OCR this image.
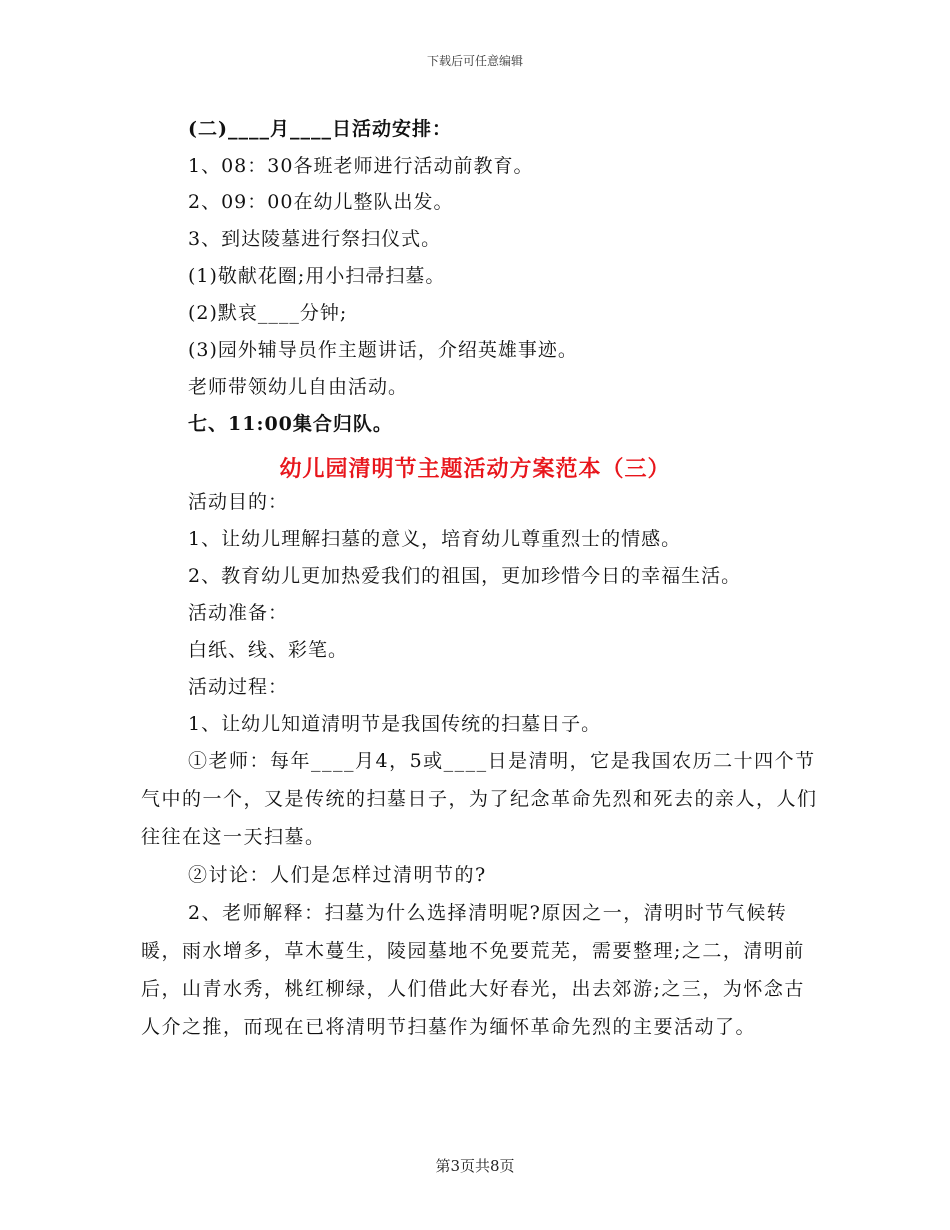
下载后可任意编辑
(二)____月____日活动安排：
1、08：30各班老师进行活动前教育。
2、09：00在幼儿整队出发。
3、到达陵墓进行祭扫仪式。
(1)敬献花圈;用小扫帚扫墓。
(2)默哀____分钟;
(3)园外辅导员作主题讲话，介绍英雄事迹。
老师带领幼儿自由活动。
七、11:00集合归队。
幼儿园清明节主题活动方案范本（三）
活动目的：
1、让幼儿理解扫墓的意义，培育幼儿尊重烈士的情感。
2、教育幼儿更加热爱我们的祖国，更加珍惜今日的幸福生活。
活动准备：
白纸、线、彩笔。
活动过程：
1、让幼儿知道清明节是我国传统的扫墓日子。
①老师：每年____月4，5或____日是清明，它是我国农历二十四个节气中的一个，又是传统的扫墓日子，为了纪念革命先烈和死去的亲人，人们往往在这一天扫墓。
②讨论：人们是怎样过清明节的?
2、老师解释：扫墓为什么选择清明呢?原因之一，清明时节气候转暖，雨水增多，草木蔓生，陵园墓地不免要荒芜，需要整理;之二，清明前后，山青水秀，桃红柳绿，人们借此大好春光，出去郊游;之三，为怀念古人介之推，而现在已将清明节扫墓作为缅怀革命先烈的主要活动了。
第3页共8页
